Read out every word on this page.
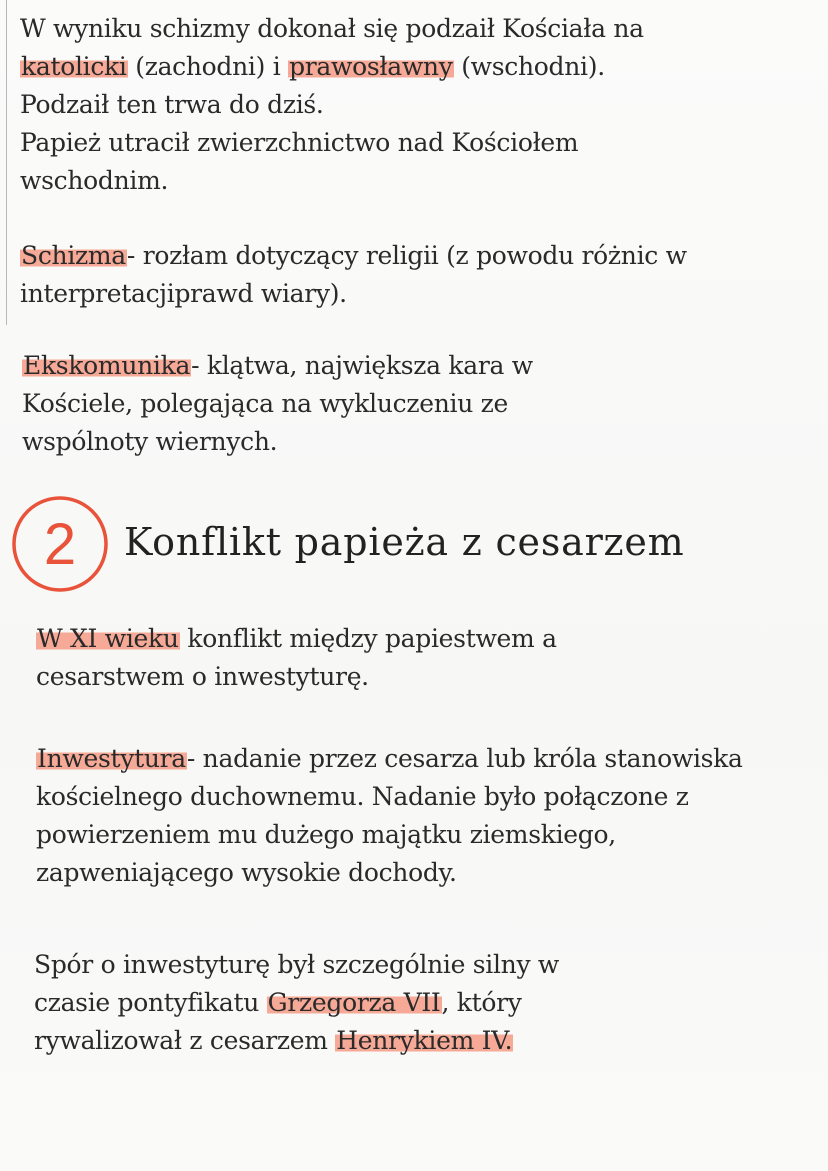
W wyniku schizmy dokonał się podzaił Kościała na
katolicki (zachodni) i prawosławny (wschodni).
Podzaił ten trwa do dziś.
Papież utracił zwierzchnictwo nad Kościołem
wschodnim.
Schizma- rozłam dotyczący religii (z powodu różnic w
interpretacjiprawd wiary).
Ekskomunika- klątwa, największa kara w
Kościele, polegająca na wykluczeniu ze
wspólnoty wiernych.
2 Konflikt papieża z cesarzem
W XI wieku konflikt między papiestwem a
cesarstwem o inwestyturę.
Inwestytura- nadanie przez cesarza lub króla stanowiska
kościelnego duchownemu. Nadanie było połączone z
powierzeniem mu dużego majątku ziemskiego,
zapweniającego wysokie dochody.
Spór o inwestyturę był szczególnie silny w
czasie pontyfikatu Grzegorza VII, który
rywalizował z cesarzem Henrykiem IV.
